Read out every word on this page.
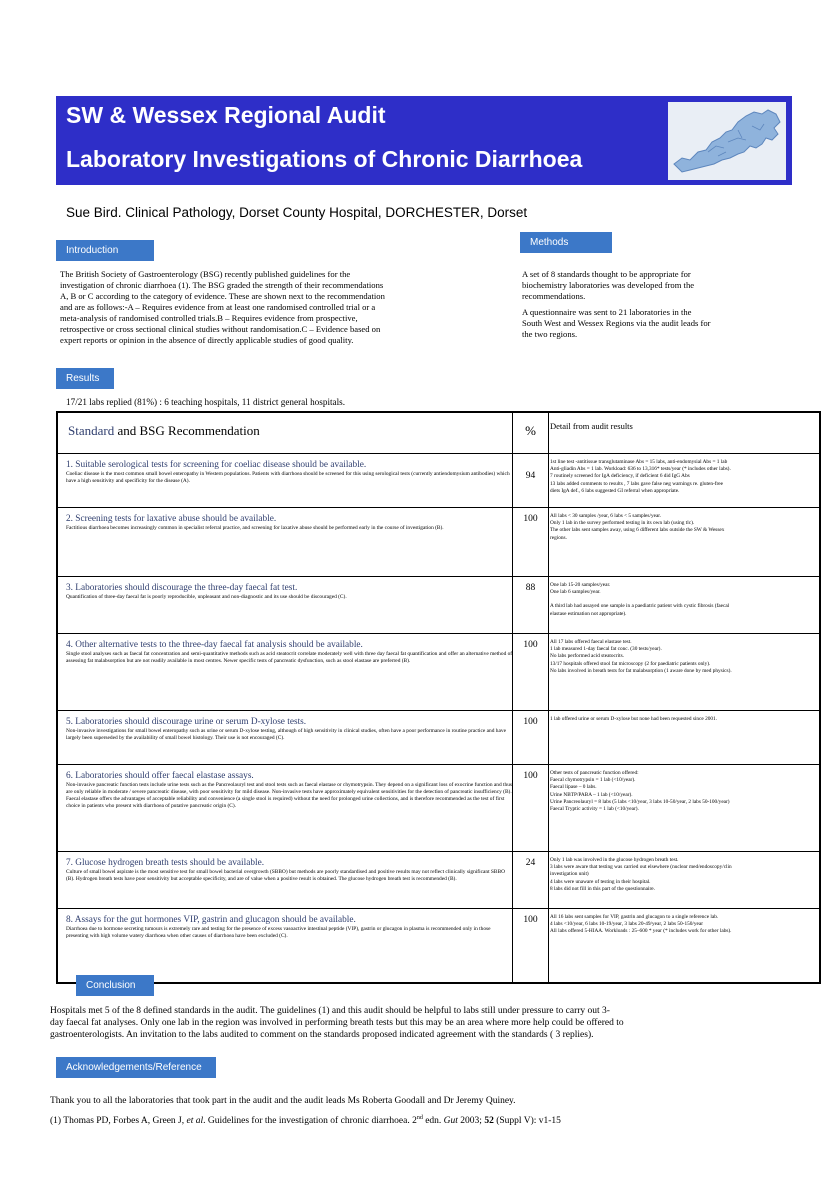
SW & Wessex Regional Audit
Laboratory Investigations of Chronic Diarrhoea
Sue Bird. Clinical Pathology, Dorset County Hospital, DORCHESTER, Dorset
Introduction
The British Society of Gastroenterology (BSG) recently published guidelines for the
investigation of chronic diarrhoea (1). The BSG graded the strength of their recommendations
A, B or C according to the category of evidence. These are shown next to the recommendation
and are as follows:-A – Requires evidence from at least one randomised controlled trial or a
meta-analysis of randomised controlled trials.B – Requires evidence from prospective,
retrospective or cross sectional clinical studies without randomisation.C – Evidence based on
expert reports or opinion in the absence of directly applicable studies of good quality.
Methods
A set of 8 standards thought to be appropriate for
biochemistry laboratories was developed from the
recommendations.
A questionnaire was sent to 21 laboratories in the
South West and Wessex Regions via the audit leads for
the two regions.
Results
17/21 labs replied (81%) : 6 teaching hospitals, 11 district general hospitals.
Standard and BSG Recommendation	%	Detail from audit results
1. Suitable serological tests for screening for coeliac disease should be available.
Coeliac disease is the most common small bowel enteropathy in Western populations. Patients with diarrhoea should be screened for this using serological tests (currently antiendomysium antibodies) which have a high sensitivity and specificity for the disease (A).	94
1st line test -antitissue transglutaminase Abs = 15 labs, anti-endomysial Abs = 1 lab
Anti-gliadin Abs = 1 lab. Workload: 636 to 13,316* tests/year (* includes other labs).
7 routinely screened for IgA deficiency, if deficient 6 did IgG Abs
13 labs added comments to results , 7 labs gave false neg warnings re. gluten-free
diets IgA def., 6 labs suggested GI referral when appropriate.
2. Screening tests for laxative abuse should be available.
Factitious diarrhoea becomes increasingly common in specialist referral practice, and screening for laxative abuse should be performed early in the course of investigation (B).
100	All labs < 30 samples /year, 6 labs < 5 samples/year.
Only 1 lab in the survey performed testing in its own lab (using tlc).
The other labs sent samples away, using 6 different labs outside the SW & Wessex
regions.
3. Laboratories should discourage the three-day faecal fat test.
Quantification of three-day faecal fat is poorly reproducible, unpleasant and non-diagnostic and its use should be discouraged (C).
88	One lab 15-20 samples/year.
One lab 6 samples/year.
A third lab had assayed one sample in a paediatric patient with cystic fibrosis (faecal
elastase estimation not appropriate).
4. Other alternative tests to the three-day faecal fat analysis should be available.
Single stool analyses such as faecal fat concentration and semi-quantitative methods such as acid steatocrit correlate moderately well with three day faecal fat quantification and offer an alternative method of assessing fat malabsorption but are not readily available in most centres. Newer specific tests of pancreatic dysfunction, such as stool elastase are preferred (B).
100	All 17 labs offered faecal elastase test.
1 lab measured 1-day faecal fat conc. (30 tests/year).
No labs performed acid steatocrits.
13/17 hospitals offered stool fat microscopy (2 for paediatric patients only).
No labs involved in breath tests for fat malabsorption (1 aware done by med physics).
5. Laboratories should discourage urine or serum D-xylose tests.
Non-invasive investigations for small bowel enteropathy such as urine or serum D-xylose testing, although of high sensitivity in clinical studies, often have a poor performance in routine practice and have largely been superseded by the availability of small bowel histology. Their use is not encouraged (C).
100	1 lab offered urine or serum D-xylose but none had been requested since 2001.
6. Laboratories should offer faecal elastase assays.
Non-invasive pancreatic function tests include urine tests such as the Pancreolauryl test and stool tests such as faecal elastase or chymotrypsin. They depend on a significant loss of exocrine function and thus are only reliable in moderate / severe pancreatic disease, with poor sensitivity for mild disease. Non-invasive tests have approximately equivalent sensitivities for the detection of pancreatic insufficiency (B). Faecal elastase offers the advantages of acceptable reliability and convenience (a single stool is required) without the need for prolonged urine collections, and is therefore recommended as the test of first choice in patients who present with diarrhoea of putative pancreatic origin (C).
100	Other tests of pancreatic function offered:
Faecal chymotrypsin = 1 lab (<10/year).
Faecal lipase – 0 labs.
Urine NBTP/PABA – 1 lab (<10/year).
Urine Pancreolauryl = 8 labs (5 labs <10/year, 3 labs 10-50/year, 2 labs 50-100/year)
Faecal Tryptic activity = 1 lab (<10/year).
7. Glucose hydrogen breath tests should be available.
Culture of small bowel aspirate is the most sensitive test for small bowel bacterial overgrowth (SBBO) but methods are poorly standardised and positive results may not reflect clinically significant SBBO (B). Hydrogen breath tests have poor sensitivity but acceptable specificity, and are of value when a positive result is obtained. The glucose hydrogen breath test is recommended (B).
24	Only 1 lab was involved in the glucose hydrogen breath test.
3 labs were aware that testing was carried out elsewhere (nuclear med/endoscopy/clin
investigation unit)
4 labs were unaware of testing in their hospital.
8 labs did not fill in this part of the questionnaire.
8. Assays for the gut hormones VIP, gastrin and glucagon should be available.
Diarrhoea due to hormone secreting tumours is extremely rare and testing for the presence of excess vasoactive intestinal peptide (VIP), gastrin or glucagon in plasma is recommended only in those presenting with high volume watery diarrhoea when other causes of diarrhoea have been excluded (C).
100	All 16 labs sent samples for VIP, gastrin and glucagon to a single reference lab.
4 labs <10/year, 6 labs 10-19/year, 3 labs 20-49/year, 2 labs 50-150/year
All labs offered 5-HIAA. Workloads : 25–600 * year (* includes work for other labs).
Conclusion
Hospitals met 5 of the 8 defined standards in the audit. The guidelines (1) and this audit should be helpful to labs still under pressure to carry out 3-
day faecal fat analyses. Only one lab in the region was involved in performing breath tests but this may be an area where more help could be offered to
gastroenterologists. An invitation to the labs audited to comment on the standards proposed indicated agreement with the standards ( 3 replies).
Acknowledgements/Reference
Thank you to all the laboratories that took part in the audit and the audit leads Ms Roberta Goodall and Dr Jeremy Quiney.
(1) Thomas PD, Forbes A, Green J, et al. Guidelines for the investigation of chronic diarrhoea. 2nd edn. Gut 2003; 52 (Suppl V): v1-15
